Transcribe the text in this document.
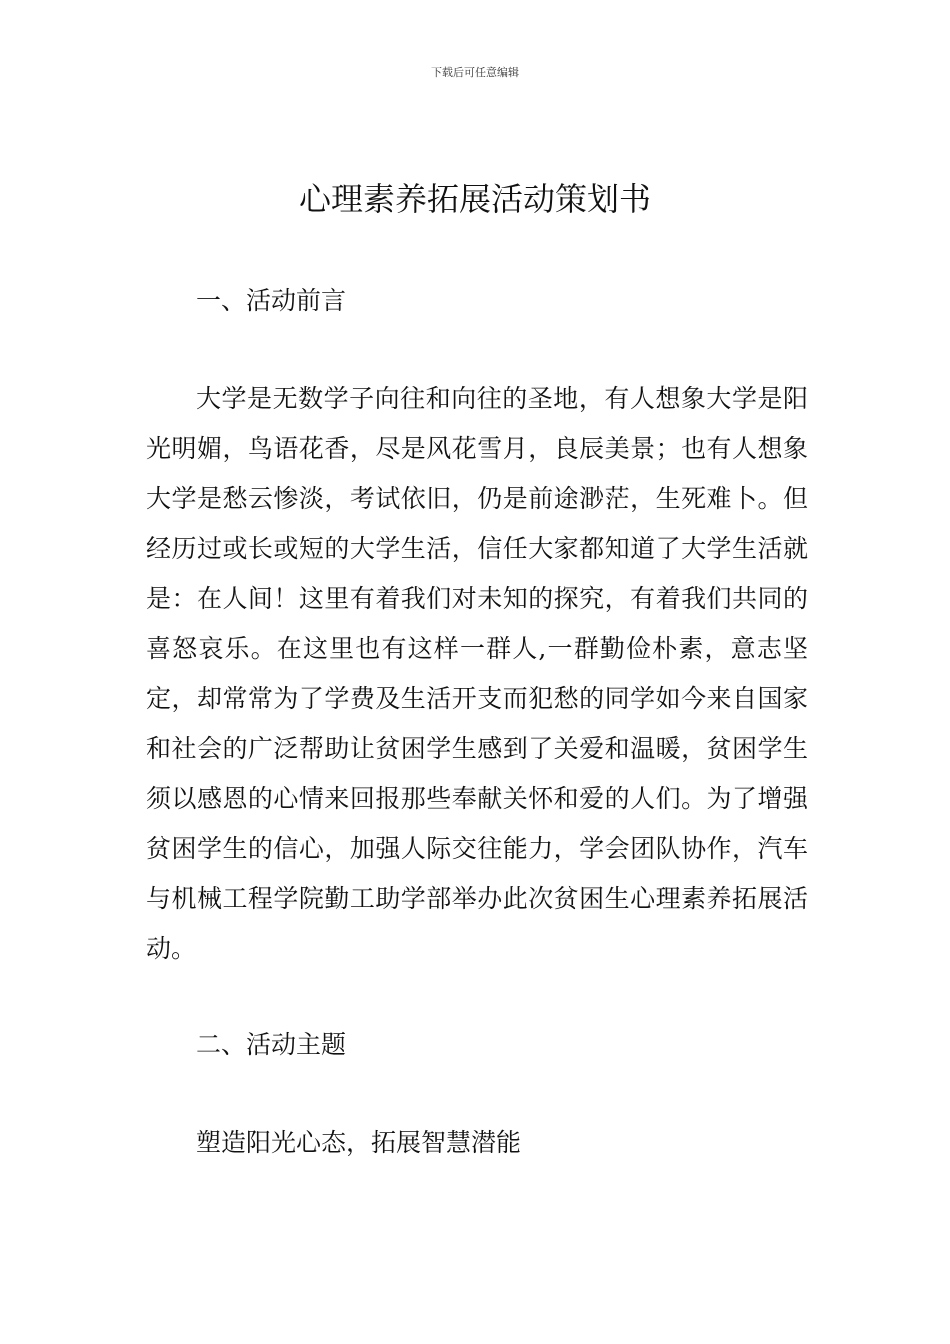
下载后可任意编辑
心理素养拓展活动策划书
一、活动前言

大学是无数学子向往和向往的圣地，有人想象大学是阳光明媚，鸟语花香，尽是风花雪月，良辰美景；也有人想象大学是愁云惨淡，考试依旧，仍是前途渺茫，生死难卜。但经历过或长或短的大学生活，信任大家都知道了大学生活就是：在人间！这里有着我们对未知的探究，有着我们共同的喜怒哀乐。在这里也有这样一群人,一群勤俭朴素，意志坚定，却常常为了学费及生活开支而犯愁的同学如今来自国家和社会的广泛帮助让贫困学生感到了关爱和温暖，贫困学生须以感恩的心情来回报那些奉献关怀和爱的人们。为了增强贫困学生的信心，加强人际交往能力，学会团队协作，汽车与机械工程学院勤工助学部举办此次贫困生心理素养拓展活动。

二、活动主题

塑造阳光心态，拓展智慧潜能
